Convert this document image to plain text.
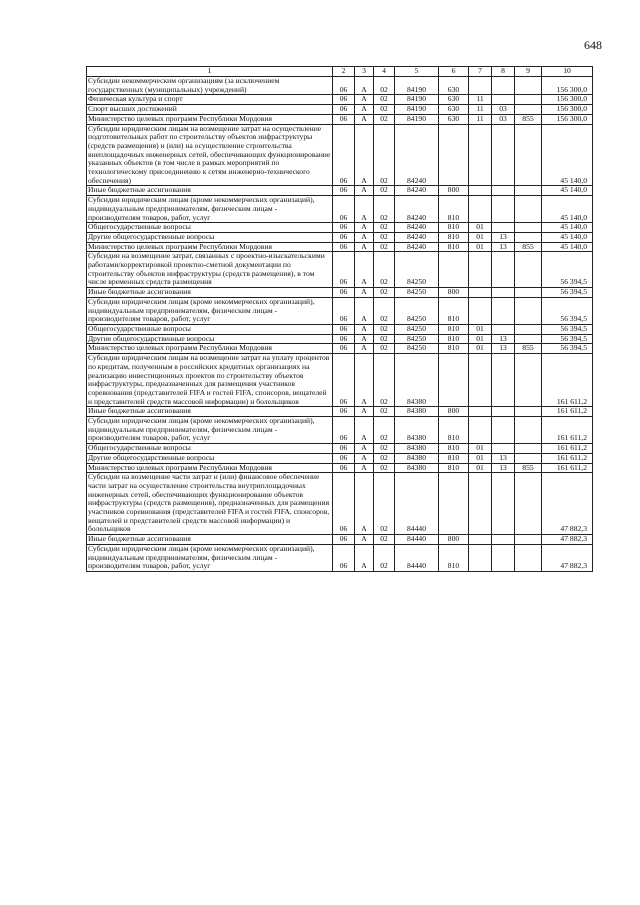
648
1	2	3	4	5	6	7	8	9	10
Субсидии некоммерческим организациям (за исключением государственных (муниципальных) учреждений)	06	А	02	84190	630				156 300,0
Физическая культура и спорт	06	А	02	84190	630	11			156 300,0
Спорт высших достижений	06	А	02	84190	630	11	03		156 300,0
Министерство целевых программ Республики Мордовия	06	А	02	84190	630	11	03	855	156 300,0
Субсидии юридическим лицам на возмещение затрат на осуществление подготовительных работ по строительству объектов инфраструктуры (средств размещения) и (или) на осуществление строительства внеплощадочных инженерных сетей, обеспечивающих функционирование указанных объектов (в том числе в рамках мероприятий по технологическому присоединению к сетям инженерно-технического обеспечения)	06	А	02	84240					45 140,0
Иные бюджетные ассигнования	06	А	02	84240	800				45 140,0
Субсидии юридическим лицам (кроме некоммерческих организаций), индивидуальным предпринимателям, физическим лицам - производителям товаров, работ, услуг	06	А	02	84240	810				45 140,0
Общегосударственные вопросы	06	А	02	84240	810	01			45 140,0
Другие общегосударственные вопросы	06	А	02	84240	810	01	13		45 140,0
Министерство целевых программ Республики Мордовия	06	А	02	84240	810	01	13	855	45 140,0
Субсидии на возмещение затрат, связанных с проектно-изыскательскими работами/корректировкой проектно-сметной документации по строительству объектов инфраструктуры (средств размещения), в том числе временных средств размещения	06	А	02	84250					56 394,5
Иные бюджетные ассигнования	06	А	02	84250	800				56 394,5
Субсидии юридическим лицам (кроме некоммерческих организаций), индивидуальным предпринимателям, физическим лицам - производителям товаров, работ, услуг	06	А	02	84250	810				56 394,5
Общегосударственные вопросы	06	А	02	84250	810	01			56 394,5
Другие общегосударственные вопросы	06	А	02	84250	810	01	13		56 394,5
Министерство целевых программ Республики Мордовия	06	А	02	84250	810	01	13	855	56 394,5
Субсидии юридическим лицам на возмещение затрат на уплату процентов по кредитам, полученным в российских кредитных организациях на реализацию инвестиционных проектов по строительству объектов инфраструктуры, предназначенных для размещения участников соревнования (представителей FIFA и гостей FIFA, спонсоров, вещателей и представителей средств массовой информации) и болельщиков	06	А	02	84380					161 611,2
Иные бюджетные ассигнования	06	А	02	84380	800				161 611,2
Субсидии юридическим лицам (кроме некоммерческих организаций), индивидуальным предпринимателям, физическим лицам - производителям товаров, работ, услуг	06	А	02	84380	810				161 611,2
Общегосударственные вопросы	06	А	02	84380	810	01			161 611,2
Другие общегосударственные вопросы	06	А	02	84380	810	01	13		161 611,2
Министерство целевых программ Республики Мордовия	06	А	02	84380	810	01	13	855	161 611,2
Субсидии на возмещение части затрат и (или) финансовое обеспечение части затрат на осуществление строительства внутриплощадочных инженерных сетей, обеспечивающих функционирование объектов инфраструктуры (средств размещения), предназначенных для размещения участников соревнования (представителей FIFA и гостей FIFA, спонсоров, вещателей и представителей средств массовой информации) и болельщиков	06	А	02	84440					47 882,3
Иные бюджетные ассигнования	06	А	02	84440	800				47 882,3
Субсидии юридическим лицам (кроме некоммерческих организаций), индивидуальным предпринимателям, физическим лицам - производителям товаров, работ, услуг	06	А	02	84440	810				47 882,3
